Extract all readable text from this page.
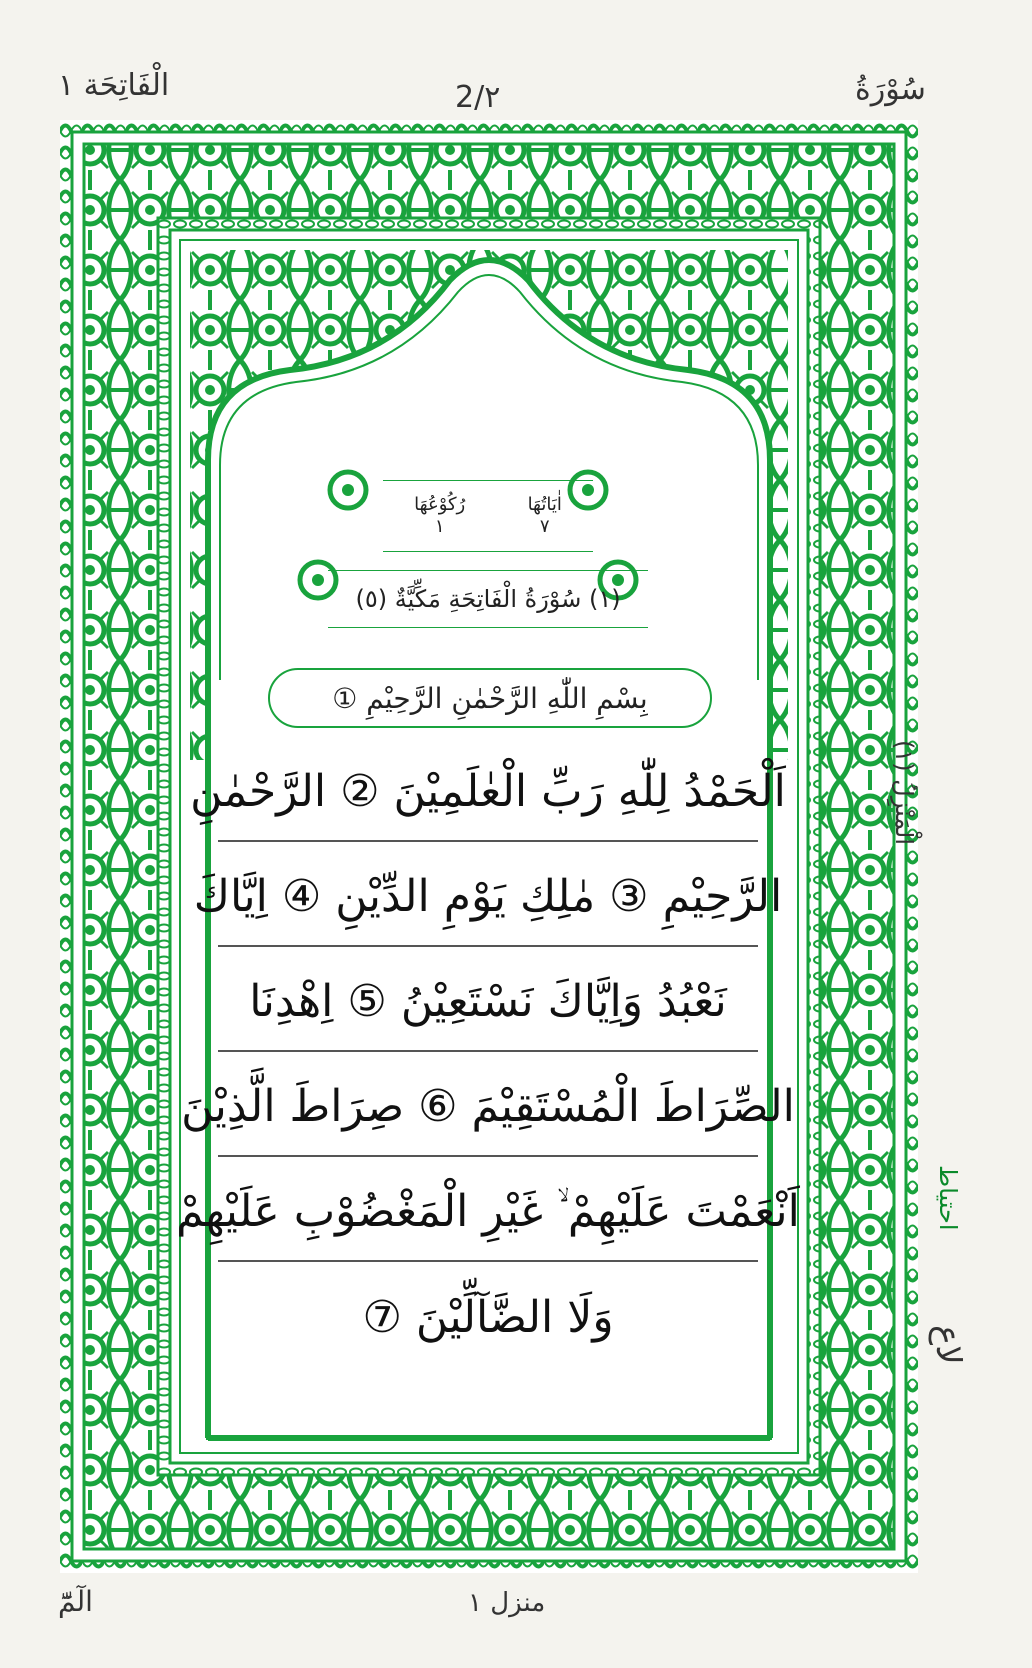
الْفَاتِحَة ١	2/٢	سُوْرَةُ
اٰيَاتُهَا
٧
رُكُوْعُهَا
١
(١) سُوْرَةُ الْفَاتِحَةِ مَكِّيَّةٌ (٥)
بِسْمِ اللّٰهِ الرَّحْمٰنِ الرَّحِيْمِ ①
اَلْحَمْدُ لِلّٰهِ رَبِّ الْعٰلَمِيْنَ ② الرَّحْمٰنِ
الرَّحِيْمِ ③ مٰلِكِ يَوْمِ الدِّيْنِ ④ اِيَّاكَ
نَعْبُدُ وَاِيَّاكَ نَسْتَعِيْنُ ⑤ اِهْدِنَا
الصِّرَاطَ الْمُسْتَقِيْمَ ⑥ صِرَاطَ الَّذِيْنَ
اَنْعَمْتَ عَلَيْهِمْ ۙ غَيْرِ الْمَغْضُوْبِ عَلَيْهِمْ
وَلَا الضَّآلِّيْنَ ⑦
الْمَنْزِلُ (١)
احتياط
لاع
الٓمّٓ	منزل ١
